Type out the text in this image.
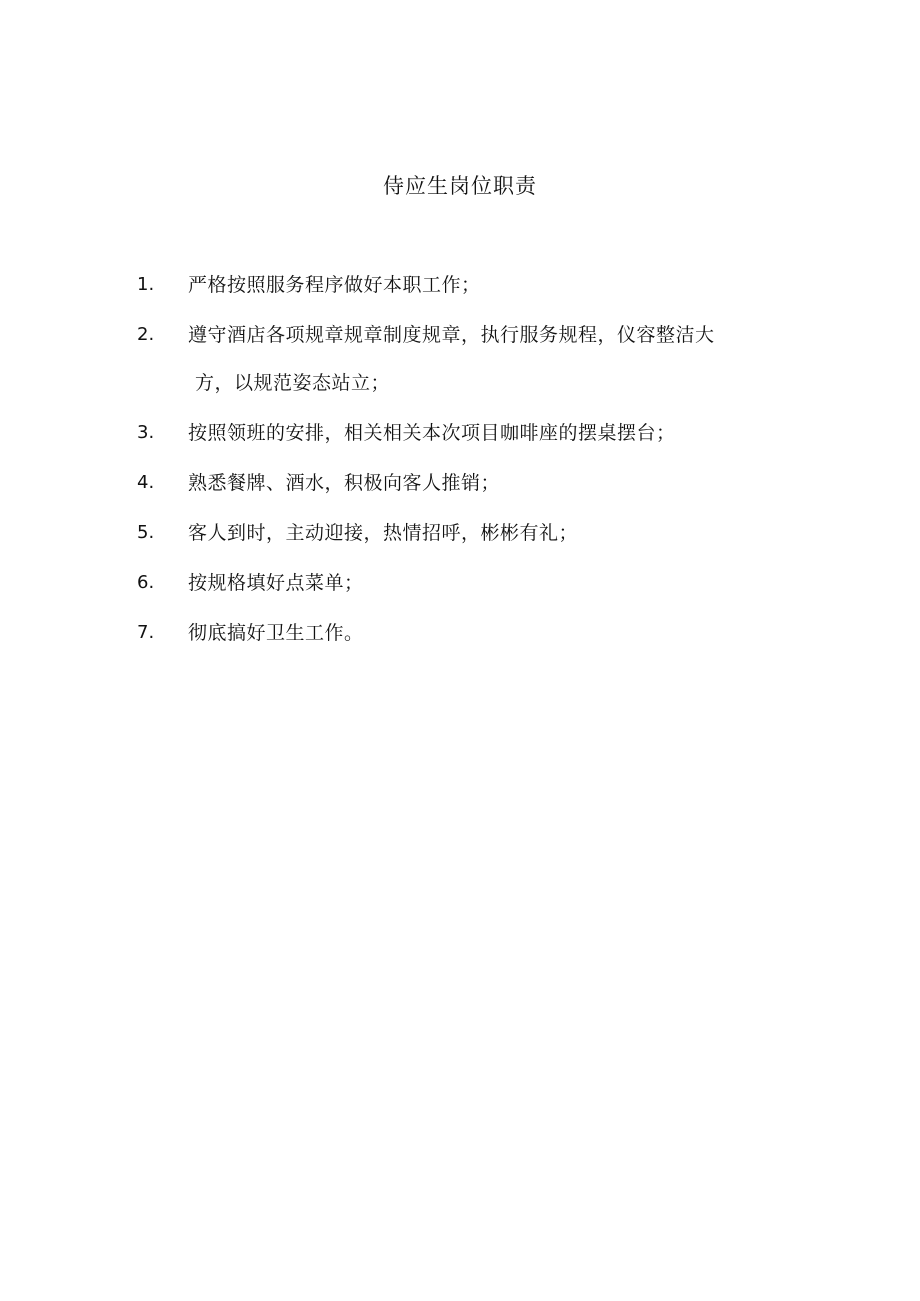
侍应生岗位职责
1. 严格按照服务程序做好本职工作；
2. 遵守酒店各项规章规章制度规章，执行服务规程，仪容整洁大
方，以规范姿态站立；
3. 按照领班的安排，相关相关本次项目咖啡座的摆桌摆台；
4. 熟悉餐牌、酒水，积极向客人推销；
5. 客人到时，主动迎接，热情招呼，彬彬有礼；
6. 按规格填好点菜单；
7. 彻底搞好卫生工作。
